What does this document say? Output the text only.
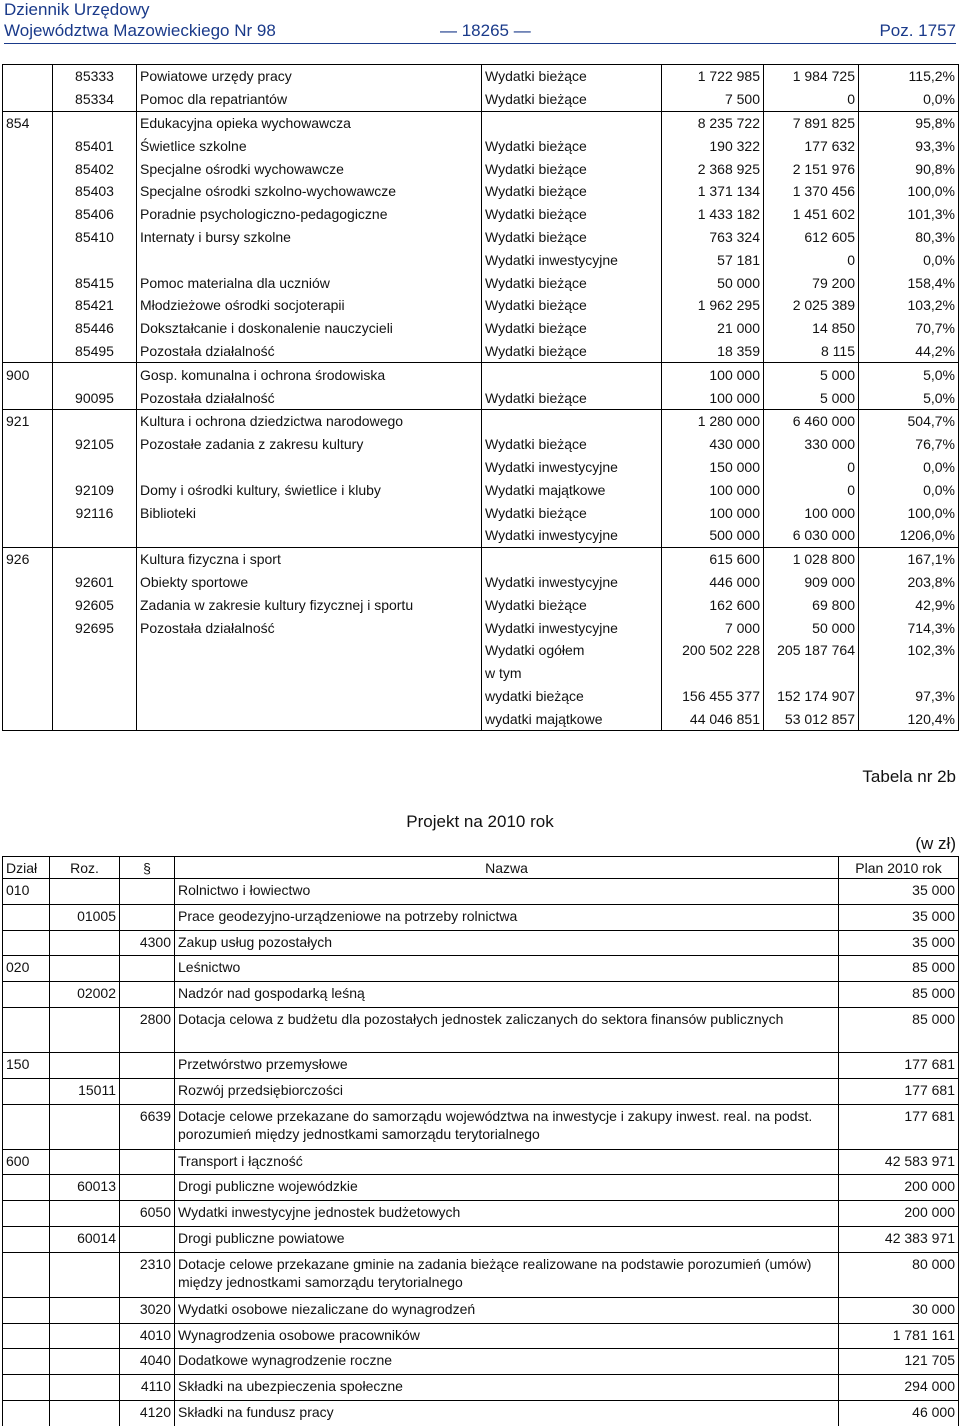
Dziennik Urzędowy
Województwa Mazowieckiego Nr 98	— 18265 —	Poz. 1757
	85333	Powiatowe urzędy pracy	Wydatki bieżące	1 722 985	1 984 725	115,2%
	85334	Pomoc dla repatriantów	Wydatki bieżące	7 500	0	0,0%
854		Edukacyjna opieka wychowawcza		8 235 722	7 891 825	95,8%
	85401	Świetlice szkolne	Wydatki bieżące	190 322	177 632	93,3%
	85402	Specjalne ośrodki wychowawcze	Wydatki bieżące	2 368 925	2 151 976	90,8%
	85403	Specjalne ośrodki szkolno-wychowawcze	Wydatki bieżące	1 371 134	1 370 456	100,0%
	85406	Poradnie psychologiczno-pedagogiczne	Wydatki bieżące	1 433 182	1 451 602	101,3%
	85410	Internaty i bursy szkolne	Wydatki bieżące	763 324	612 605	80,3%
			Wydatki inwestycyjne	57 181	0	0,0%
	85415	Pomoc materialna dla uczniów	Wydatki bieżące	50 000	79 200	158,4%
	85421	Młodzieżowe ośrodki socjoterapii	Wydatki bieżące	1 962 295	2 025 389	103,2%
	85446	Dokształcanie i doskonalenie nauczycieli	Wydatki bieżące	21 000	14 850	70,7%
	85495	Pozostała działalność	Wydatki bieżące	18 359	8 115	44,2%
900		Gosp. komunalna i ochrona środowiska		100 000	5 000	5,0%
	90095	Pozostała działalność	Wydatki bieżące	100 000	5 000	5,0%
921		Kultura i ochrona dziedzictwa narodowego		1 280 000	6 460 000	504,7%
	92105	Pozostałe zadania z zakresu kultury	Wydatki bieżące	430 000	330 000	76,7%
			Wydatki inwestycyjne	150 000	0	0,0%
	92109	Domy i ośrodki kultury, świetlice i kluby	Wydatki majątkowe	100 000	0	0,0%
	92116	Biblioteki	Wydatki bieżące	100 000	100 000	100,0%
			Wydatki inwestycyjne	500 000	6 030 000	1206,0%
926		Kultura fizyczna i sport		615 600	1 028 800	167,1%
	92601	Obiekty sportowe	Wydatki inwestycyjne	446 000	909 000	203,8%
	92605	Zadania w zakresie kultury fizycznej i sportu	Wydatki bieżące	162 600	69 800	42,9%
	92695	Pozostała działalność	Wydatki inwestycyjne	7 000	50 000	714,3%
			Wydatki ogółem	200 502 228	205 187 764	102,3%
			w tym			
			wydatki bieżące	156 455 377	152 174 907	97,3%
			wydatki majątkowe	44 046 851	53 012 857	120,4%
Tabela nr 2b
Projekt na 2010 rok
(w zł)
Dział	Roz.	§	Nazwa	Plan 2010 rok
010			Rolnictwo i łowiectwo	35 000
	01005		Prace geodezyjno-urządzeniowe na potrzeby rolnictwa	35 000
		4300	Zakup usług pozostałych	35 000
020			Leśnictwo	85 000
	02002		Nadzór nad gospodarką leśną	85 000
		2800	Dotacja celowa z budżetu dla pozostałych jednostek zaliczanych do sektora finansów publicznych	85 000
150			Przetwórstwo przemysłowe	177 681
	15011		Rozwój przedsiębiorczości	177 681
		6639	Dotacje celowe przekazane do samorządu województwa na inwestycje i zakupy inwest. real. na podst. porozumień między jednostkami samorządu terytorialnego	177 681
600			Transport i łączność	42 583 971
	60013		Drogi publiczne wojewódzkie	200 000
		6050	Wydatki inwestycyjne jednostek budżetowych	200 000
	60014		Drogi publiczne powiatowe	42 383 971
		2310	Dotacje celowe przekazane gminie na zadania bieżące realizowane na podstawie porozumień (umów) między jednostkami samorządu terytorialnego	80 000
		3020	Wydatki osobowe niezaliczane do wynagrodzeń	30 000
		4010	Wynagrodzenia osobowe pracowników	1 781 161
		4040	Dodatkowe wynagrodzenie roczne	121 705
		4110	Składki na ubezpieczenia społeczne	294 000
		4120	Składki na fundusz pracy	46 000
